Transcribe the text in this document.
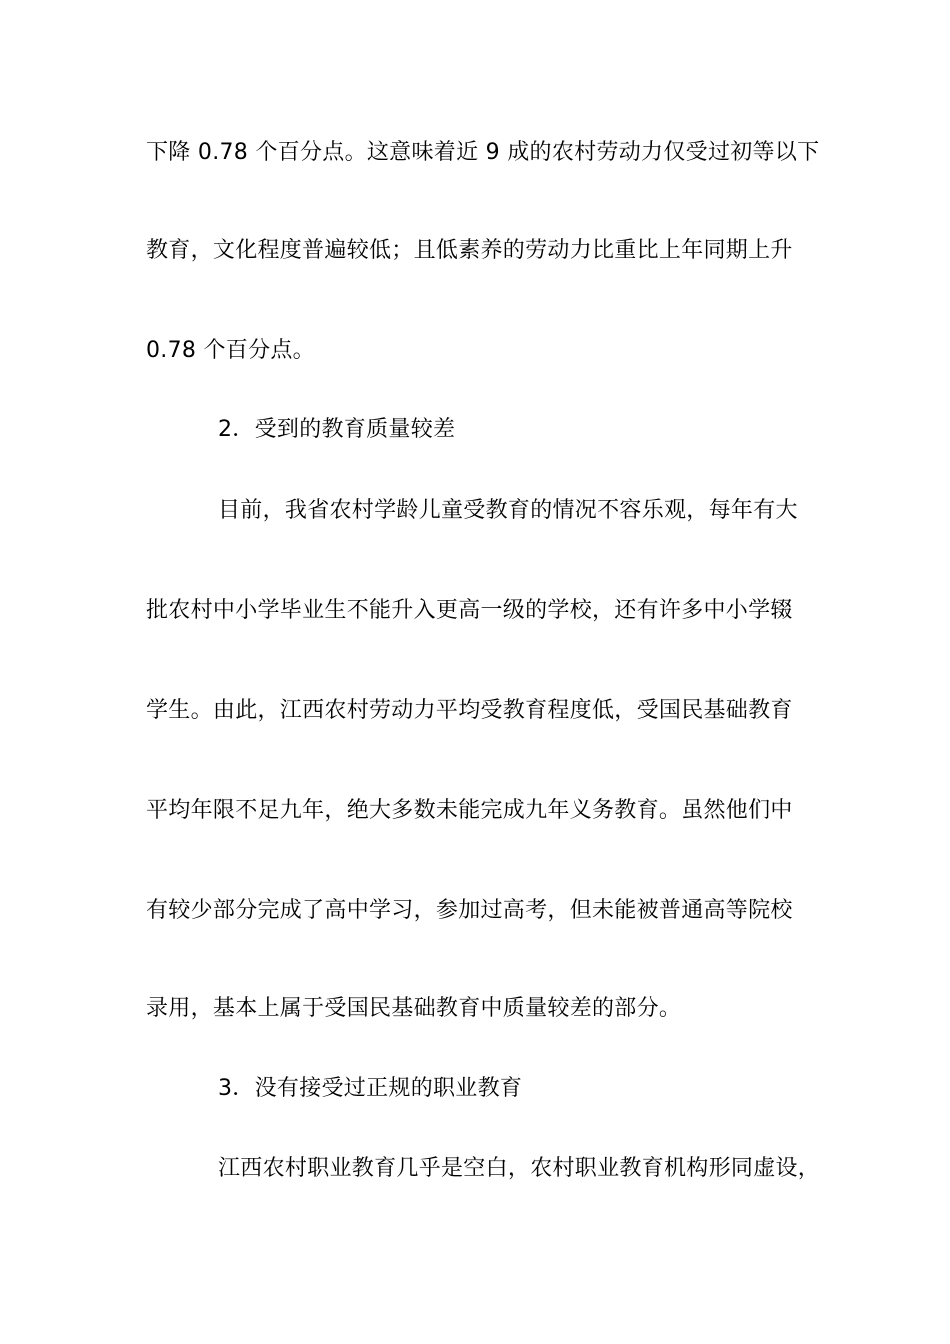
下降 0.78 个百分点。这意味着近 9 成的农村劳动力仅受过初等以下
教育，文化程度普遍较低；且低素养的劳动力比重比上年同期上升
0.78 个百分点。
2．受到的教育质量较差
目前，我省农村学龄儿童受教育的情况不容乐观，每年有大
批农村中小学毕业生不能升入更高一级的学校，还有许多中小学辍
学生。由此，江西农村劳动力平均受教育程度低，受国民基础教育
平均年限不足九年，绝大多数未能完成九年义务教育。虽然他们中
有较少部分完成了高中学习，参加过高考，但未能被普通高等院校
录用，基本上属于受国民基础教育中质量较差的部分。
3．没有接受过正规的职业教育
江西农村职业教育几乎是空白，农村职业教育机构形同虚设，
